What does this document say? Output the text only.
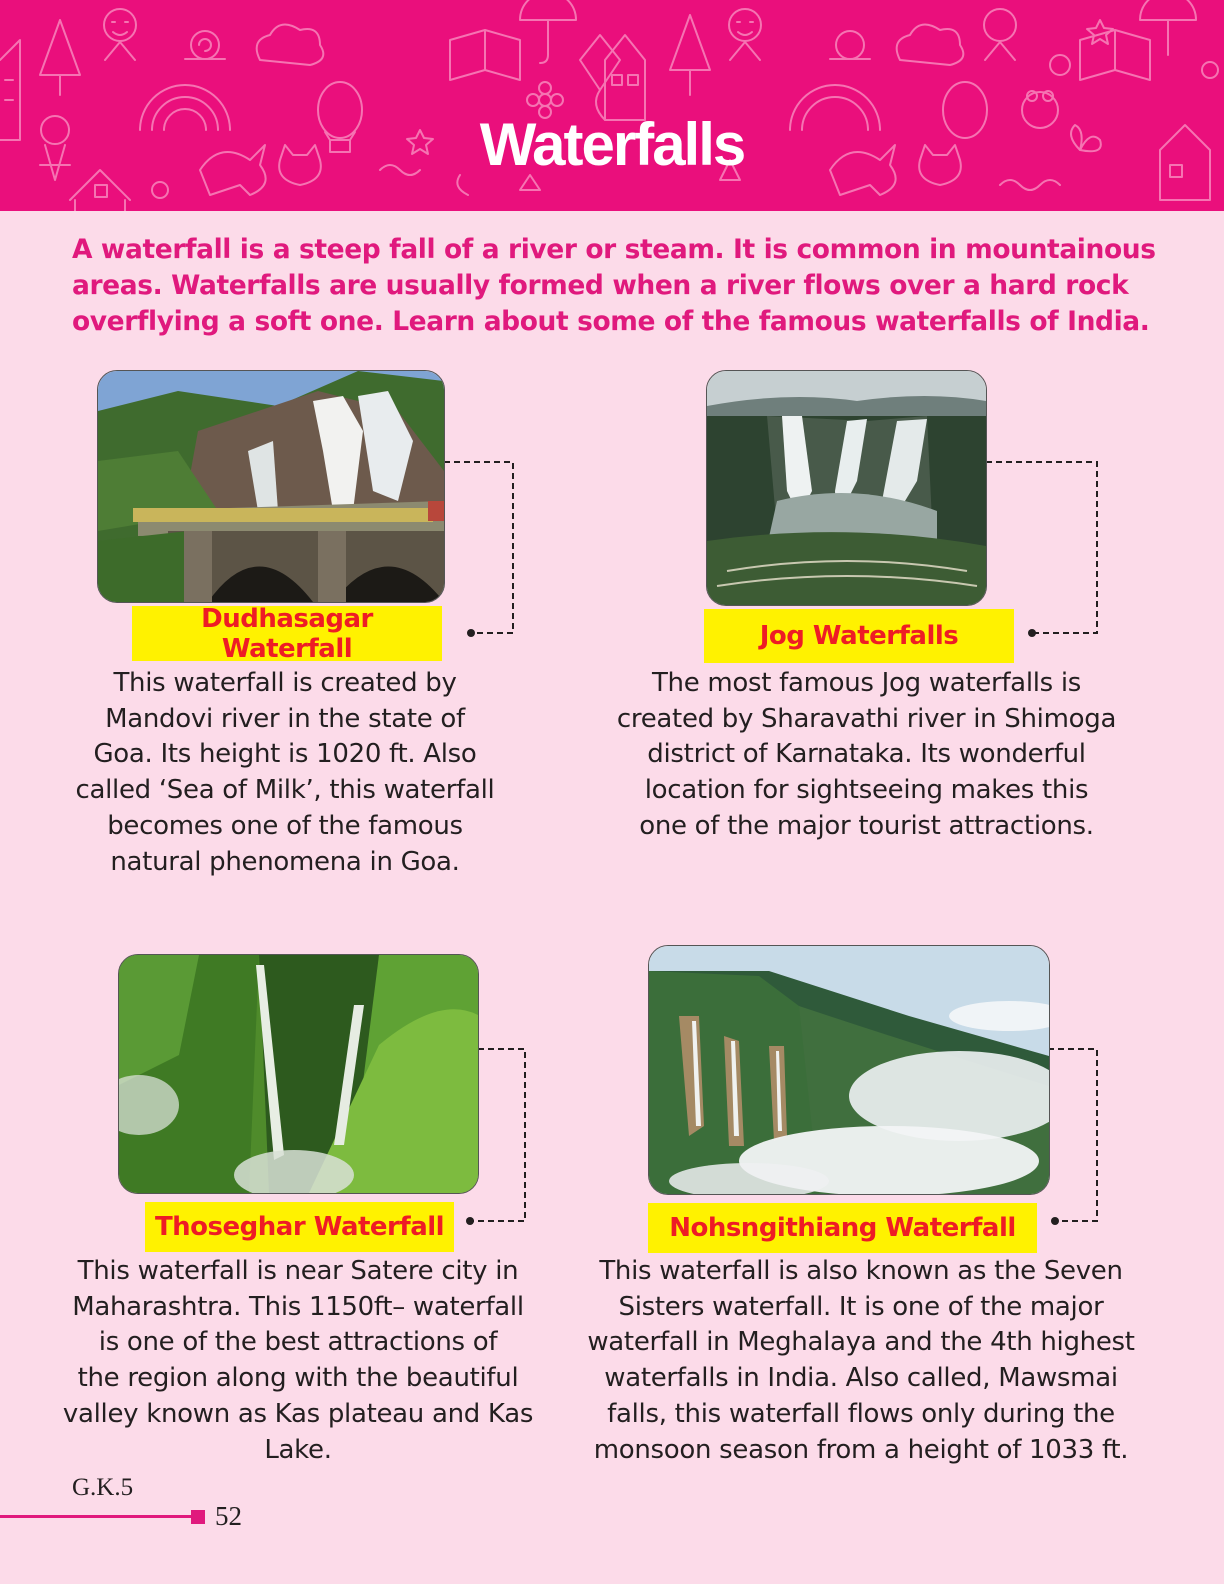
Waterfalls
A waterfall is a steep fall of a river or steam. It is common in mountainous areas. Waterfalls are usually formed when a river flows over a hard rock overflying a soft one. Learn about some of the famous waterfalls of India.
Dudhasagar Waterfall
This waterfall is created by
Mandovi river in the state of
Goa. Its height is 1020 ft. Also
called ‘Sea of Milk’, this waterfall
becomes one of the famous
natural phenomena in Goa.
Jog Waterfalls
The most famous Jog waterfalls is
created by Sharavathi river in Shimoga
district of Karnataka. Its wonderful
location for sightseeing makes this
one of the major tourist attractions.
Thoseghar Waterfall
This waterfall is near Satere city in
Maharashtra. This 1150ft– waterfall
is one of the best attractions of
the region along with the beautiful
valley known as Kas plateau and Kas
Lake.
Nohsngithiang Waterfall
This waterfall is also known as the Seven
Sisters waterfall. It is one of the major
waterfall in Meghalaya and the 4th highest
waterfalls in India. Also called, Mawsmai
falls, this waterfall flows only during the
monsoon season from a height of 1033 ft.
G.K.5
52
